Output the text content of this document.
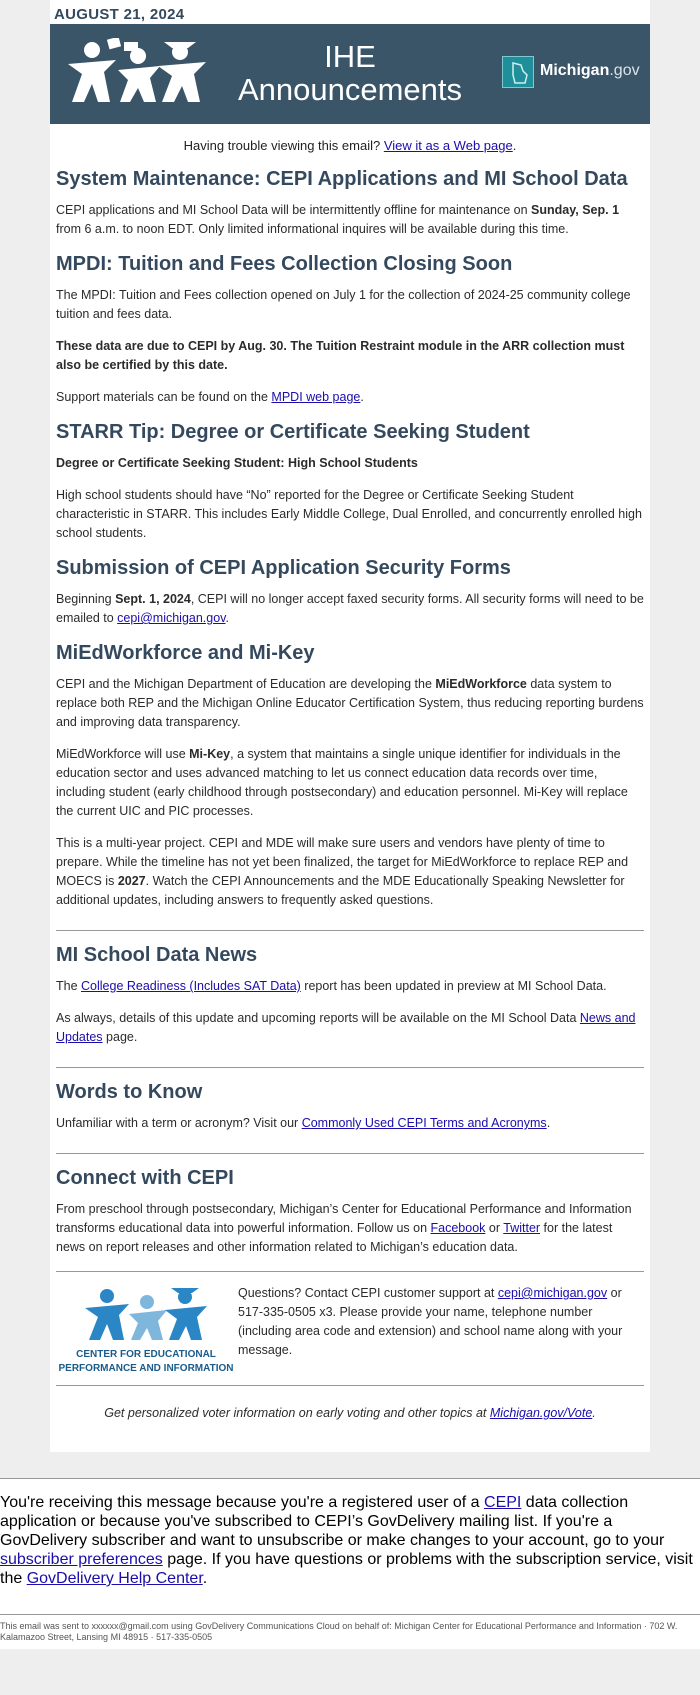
AUGUST 21, 2024
IHE
Announcements
Michigan.gov
Having trouble viewing this email? View it as a Web page.
System Maintenance: CEPI Applications and MI School Data

CEPI applications and MI School Data will be intermittently offline for maintenance on Sunday, Sep. 1 from 6 a.m. to noon EDT. Only limited informational inquires will be available during this time.

MPDI: Tuition and Fees Collection Closing Soon

The MPDI: Tuition and Fees collection opened on July 1 for the collection of 2024-25 community college tuition and fees data.

These data are due to CEPI by Aug. 30. The Tuition Restraint module in the ARR collection must also be certified by this date.

Support materials can be found on the MPDI web page.

STARR Tip: Degree or Certificate Seeking Student

Degree or Certificate Seeking Student: High School Students

High school students should have “No” reported for the Degree or Certificate Seeking Student characteristic in STARR. This includes Early Middle College, Dual Enrolled, and concurrently enrolled high school students.

Submission of CEPI Application Security Forms

Beginning Sept. 1, 2024, CEPI will no longer accept faxed security forms. All security forms will need to be emailed to cepi@michigan.gov.

MiEdWorkforce and Mi-Key

CEPI and the Michigan Department of Education are developing the MiEdWorkforce data system to replace both REP and the Michigan Online Educator Certification System, thus reducing reporting burdens and improving data transparency.

MiEdWorkforce will use Mi-Key, a system that maintains a single unique identifier for individuals in the education sector and uses advanced matching to let us connect education data records over time, including student (early childhood through postsecondary) and education personnel. Mi-Key will replace the current UIC and PIC processes.

This is a multi-year project. CEPI and MDE will make sure users and vendors have plenty of time to prepare. While the timeline has not yet been finalized, the target for MiEdWorkforce to replace REP and MOECS is 2027. Watch the CEPI Announcements and the MDE Educationally Speaking Newsletter for additional updates, including answers to frequently asked questions.

MI School Data News

The College Readiness (Includes SAT Data) report has been updated in preview at MI School Data.

As always, details of this update and upcoming reports will be available on the MI School Data News and Updates page.

Words to Know

Unfamiliar with a term or acronym? Visit our Commonly Used CEPI Terms and Acronyms.

Connect with CEPI

From preschool through postsecondary, Michigan’s Center for Educational Performance and Information transforms educational data into powerful information. Follow us on Facebook or Twitter for the latest news on report releases and other information related to Michigan’s education data.

CENTER FOR EDUCATIONAL
PERFORMANCE AND INFORMATION
Questions? Contact CEPI customer support at cepi@michigan.gov or 517-335-0505 x3. Please provide your name, telephone number (including area code and extension) and school name along with your message.
Get personalized voter information on early voting and other topics at Michigan.gov/Vote.
You're receiving this message because you're a registered user of a CEPI data collection application or because you've subscribed to CEPI’s GovDelivery mailing list. If you're a GovDelivery subscriber and want to unsubscribe or make changes to your account, go to your subscriber preferences page. If you have questions or problems with the subscription service, visit the GovDelivery Help Center.
This email was sent to xxxxxx@gmail.com using GovDelivery Communications Cloud on behalf of: Michigan Center for Educational Performance and Information · 702 W. Kalamazoo Street, Lansing MI 48915 · 517-335-0505
